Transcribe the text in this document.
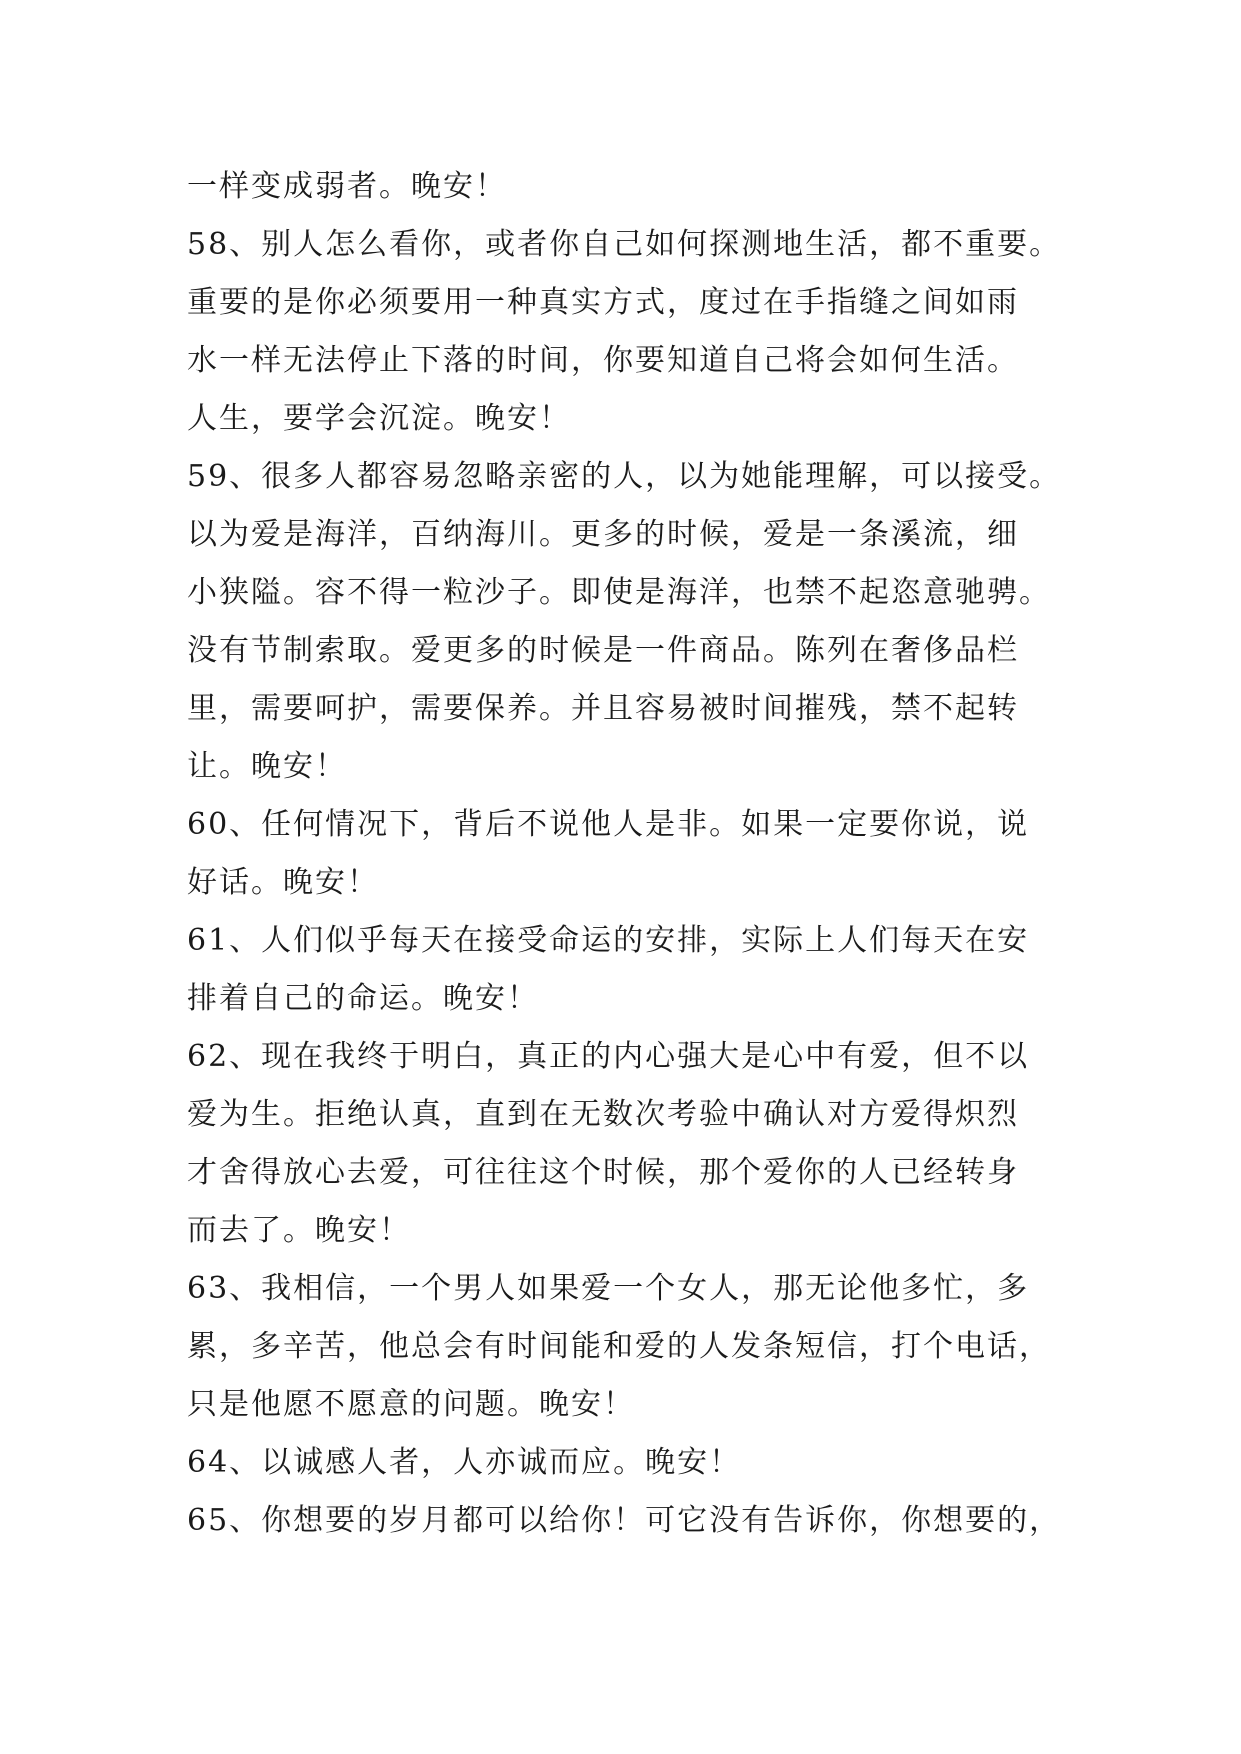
一样变成弱者。晚安！
58、别人怎么看你，或者你自己如何探测地生活，都不重要。
重要的是你必须要用一种真实方式，度过在手指缝之间如雨
水一样无法停止下落的时间，你要知道自己将会如何生活。
人生，要学会沉淀。晚安！
59、很多人都容易忽略亲密的人，以为她能理解，可以接受。
以为爱是海洋，百纳海川。更多的时候，爱是一条溪流，细
小狭隘。容不得一粒沙子。即使是海洋，也禁不起恣意驰骋。
没有节制索取。爱更多的时候是一件商品。陈列在奢侈品栏
里，需要呵护，需要保养。并且容易被时间摧残，禁不起转
让。晚安！
60、任何情况下，背后不说他人是非。如果一定要你说，说
好话。晚安！
61、人们似乎每天在接受命运的安排，实际上人们每天在安
排着自己的命运。晚安！
62、现在我终于明白，真正的内心强大是心中有爱，但不以
爱为生。拒绝认真，直到在无数次考验中确认对方爱得炽烈
才舍得放心去爱，可往往这个时候，那个爱你的人已经转身
而去了。晚安！
63、我相信，一个男人如果爱一个女人，那无论他多忙，多
累，多辛苦，他总会有时间能和爱的人发条短信，打个电话，
只是他愿不愿意的问题。晚安！
64、以诚感人者，人亦诚而应。晚安！
65、你想要的岁月都可以给你！可它没有告诉你，你想要的，
